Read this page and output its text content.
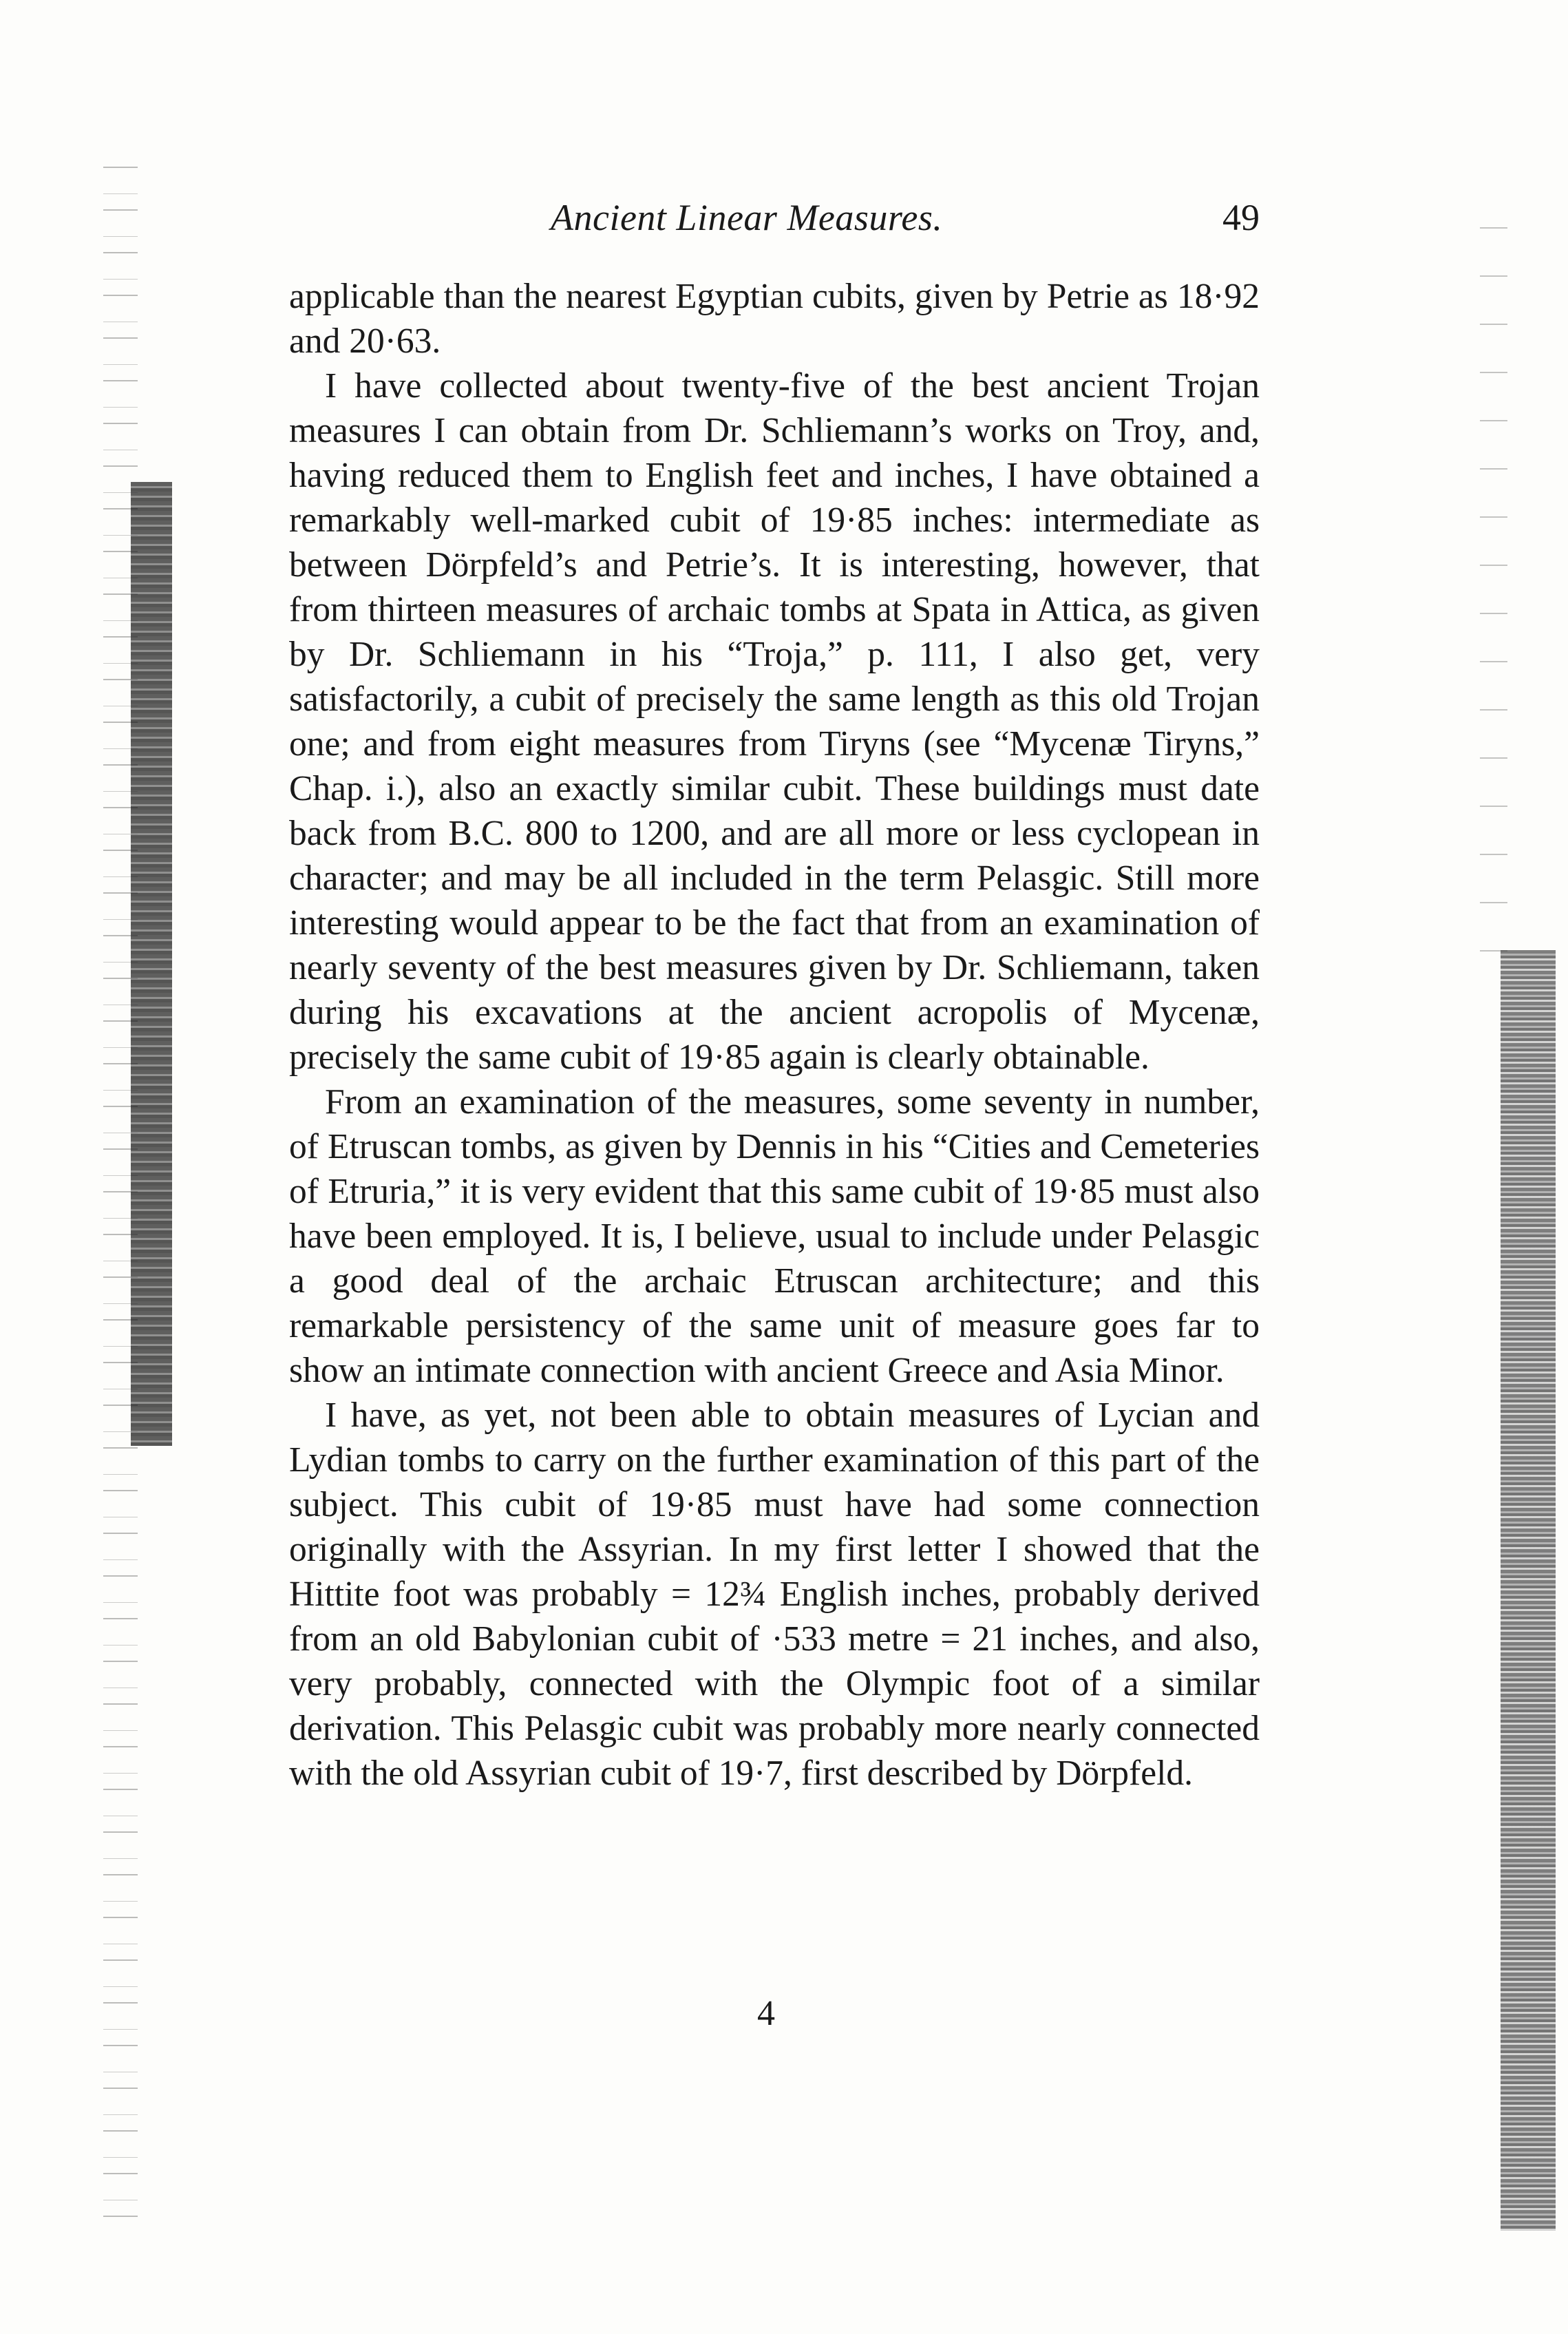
Ancient Linear Measures.	49

applicable than the nearest Egyptian cubits, given by Petrie as 18·92 and 20·63.

I have collected about twenty-five of the best ancient Trojan measures I can obtain from Dr. Schliemann’s works on Troy, and, having reduced them to English feet and inches, I have obtained a remarkably well-marked cubit of 19·85 inches: intermediate as between Dörpfeld’s and Petrie’s. It is interesting, however, that from thirteen measures of archaic tombs at Spata in Attica, as given by Dr. Schliemann in his “Troja,” p. 111, I also get, very satisfactorily, a cubit of precisely the same length as this old Trojan one; and from eight measures from Tiryns (see “Mycenæ Tiryns,” Chap. i.), also an exactly similar cubit. These buildings must date back from B.C. 800 to 1200, and are all more or less cyclopean in character; and may be all included in the term Pelasgic. Still more interesting would appear to be the fact that from an examination of nearly seventy of the best measures given by Dr. Schliemann, taken during his excavations at the ancient acropolis of Mycenæ, precisely the same cubit of 19·85 again is clearly obtainable.

From an examination of the measures, some seventy in number, of Etruscan tombs, as given by Dennis in his “Cities and Cemeteries of Etruria,” it is very evident that this same cubit of 19·85 must also have been employed. It is, I believe, usual to include under Pelasgic a good deal of the archaic Etruscan architecture; and this remarkable persistency of the same unit of measure goes far to show an intimate connection with ancient Greece and Asia Minor.

I have, as yet, not been able to obtain measures of Lycian and Lydian tombs to carry on the further examination of this part of the subject. This cubit of 19·85 must have had some connection originally with the Assyrian. In my first letter I showed that the Hittite foot was probably = 12¾ English inches, probably derived from an old Babylonian cubit of ·533 metre = 21 inches, and also, very probably, connected with the Olympic foot of a similar derivation. This Pelasgic cubit was probably more nearly connected with the old Assyrian cubit of 19·7, first described by Dörpfeld.

4
